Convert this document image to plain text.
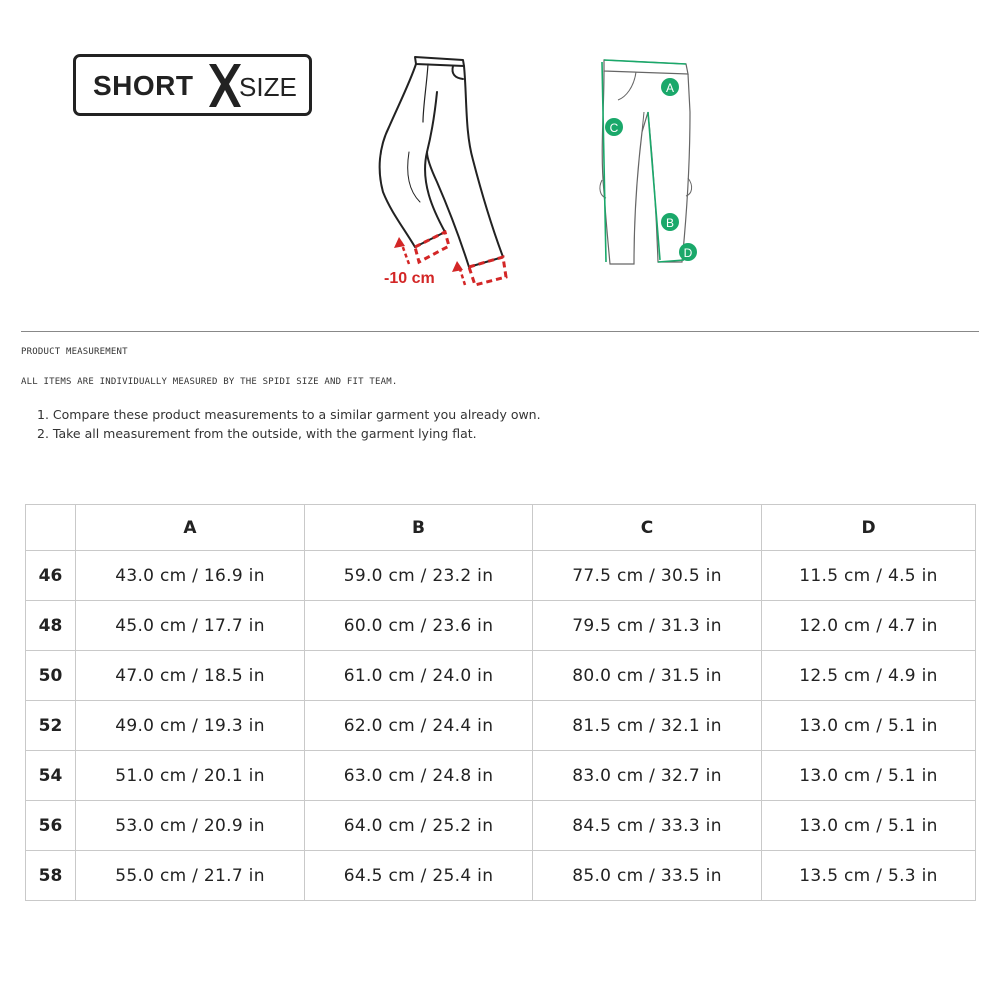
SHORT SIZE
-10 cm
A
C
B
D
PRODUCT MEASUREMENT
ALL ITEMS ARE INDIVIDUALLY MEASURED BY THE SPIDI SIZE AND FIT TEAM.
1. Compare these product measurements to a similar garment you already own.
2. Take all measurement from the outside, with the garment lying flat.
	A	B	C	D
46	43.0 cm / 16.9 in	59.0 cm / 23.2 in	77.5 cm / 30.5 in	11.5 cm / 4.5 in
48	45.0 cm / 17.7 in	60.0 cm / 23.6 in	79.5 cm / 31.3 in	12.0 cm / 4.7 in
50	47.0 cm / 18.5 in	61.0 cm / 24.0 in	80.0 cm / 31.5 in	12.5 cm / 4.9 in
52	49.0 cm / 19.3 in	62.0 cm / 24.4 in	81.5 cm / 32.1 in	13.0 cm / 5.1 in
54	51.0 cm / 20.1 in	63.0 cm / 24.8 in	83.0 cm / 32.7 in	13.0 cm / 5.1 in
56	53.0 cm / 20.9 in	64.0 cm / 25.2 in	84.5 cm / 33.3 in	13.0 cm / 5.1 in
58	55.0 cm / 21.7 in	64.5 cm / 25.4 in	85.0 cm / 33.5 in	13.5 cm / 5.3 in
